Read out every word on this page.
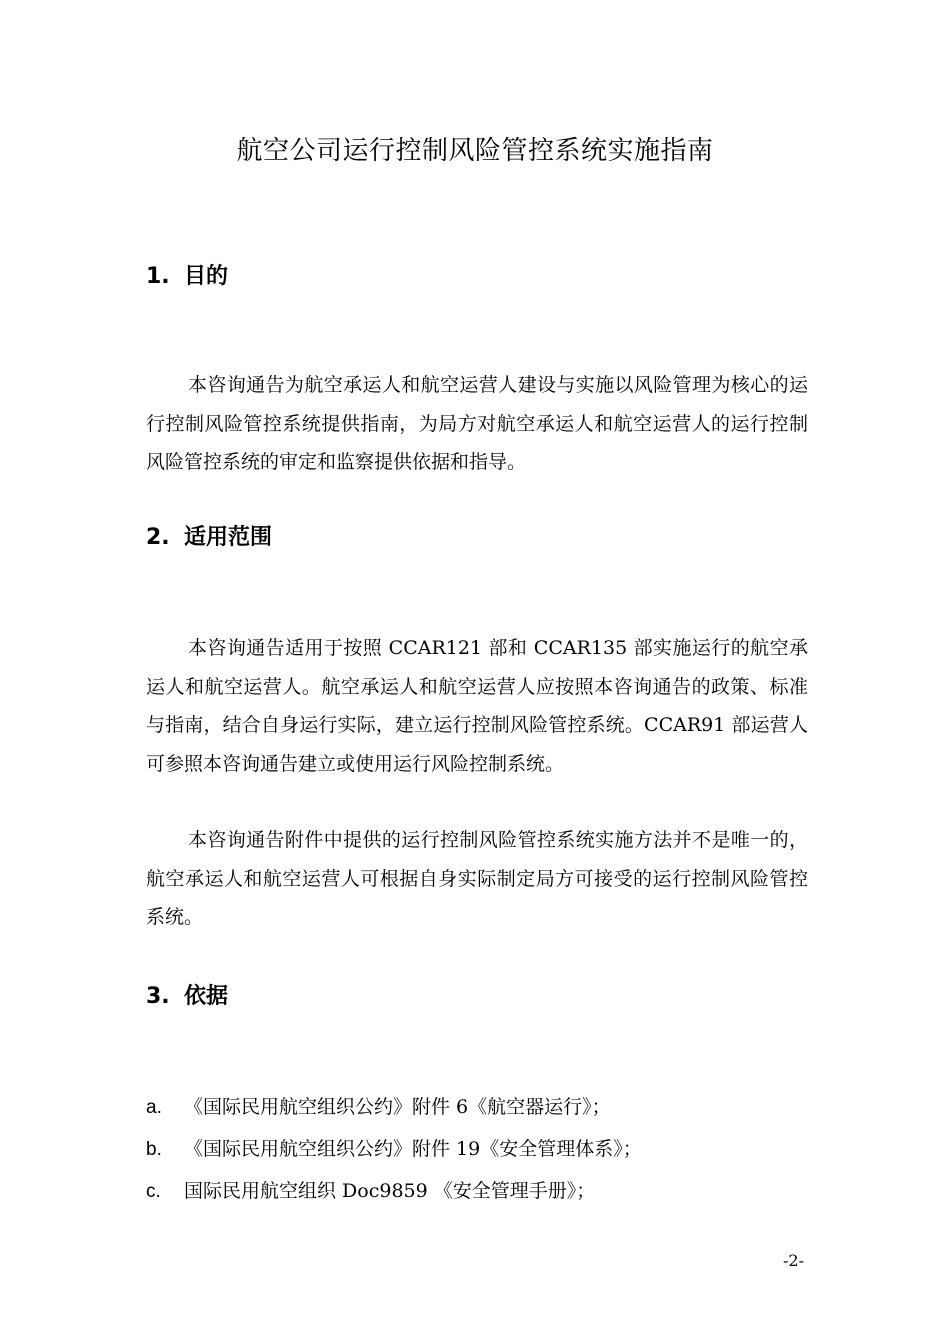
航空公司运行控制风险管控系统实施指南
1. 目的

本咨询通告为航空承运人和航空运营人建设与实施以风险管理为核心的运行控制风险管控系统提供指南，为局方对航空承运人和航空运营人的运行控制风险管控系统的审定和监察提供依据和指导。

2. 适用范围

本咨询通告适用于按照 CCAR121 部和 CCAR135 部实施运行的航空承运人和航空运营人。航空承运人和航空运营人应按照本咨询通告的政策、标准与指南，结合自身运行实际，建立运行控制风险管控系统。CCAR91 部运营人可参照本咨询通告建立或使用运行风险控制系统。

本咨询通告附件中提供的运行控制风险管控系统实施方法并不是唯一的，航空承运人和航空运营人可根据自身实际制定局方可接受的运行控制风险管控系统。

3. 依据
a. 《国际民用航空组织公约》附件 6《航空器运行》；
b. 《国际民用航空组织公约》附件 19《安全管理体系》；
c. 国际民用航空组织 Doc9859 《安全管理手册》；
-2-
